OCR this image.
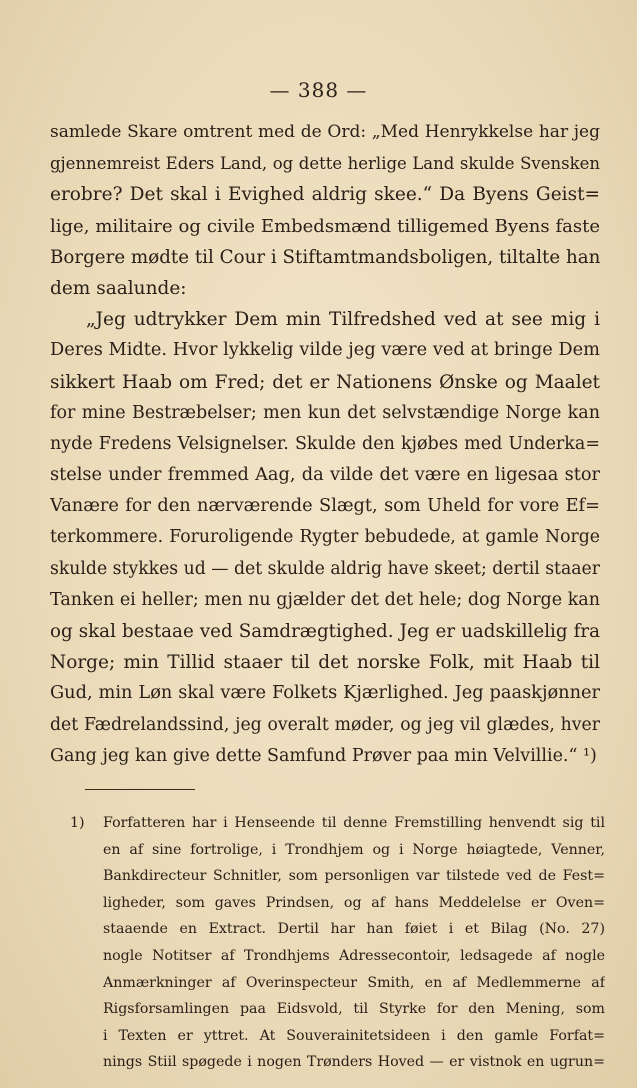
— 388 —
samlede Skare omtrent med de Ord: „Med Henrykkelse har jeg
gjennemreist Eders Land, og dette herlige Land skulde Svensken
erobre? Det skal i Evighed aldrig skee.“ Da Byens Geist=
lige, militaire og civile Embedsmænd tilligemed Byens faste
Borgere mødte til Cour i Stiftamtmandsboligen, tiltalte han
dem saalunde:
„Jeg udtrykker Dem min Tilfredshed ved at see mig i
Deres Midte. Hvor lykkelig vilde jeg være ved at bringe Dem
sikkert Haab om Fred; det er Nationens Ønske og Maalet
for mine Bestræbelser; men kun det selvstændige Norge kan
nyde Fredens Velsignelser. Skulde den kjøbes med Underka=
stelse under fremmed Aag, da vilde det være en ligesaa stor
Vanære for den nærværende Slægt, som Uheld for vore Ef=
terkommere. Foruroligende Rygter bebudede, at gamle Norge
skulde stykkes ud — det skulde aldrig have skeet; dertil staaer
Tanken ei heller; men nu gjælder det det hele; dog Norge kan
og skal bestaae ved Samdrægtighed. Jeg er uadskillelig fra
Norge; min Tillid staaer til det norske Folk, mit Haab til
Gud, min Løn skal være Folkets Kjærlighed. Jeg paaskjønner
det Fædrelandssind, jeg overalt møder, og jeg vil glædes, hver
Gang jeg kan give dette Samfund Prøver paa min Velvillie.“ ¹)
1) Forfatteren har i Henseende til denne Fremstilling henvendt sig til
en af sine fortrolige, i Trondhjem og i Norge høiagtede, Venner,
Bankdirecteur Schnitler, som personligen var tilstede ved de Fest=
ligheder, som gaves Prindsen, og af hans Meddelelse er Oven=
staaende en Extract. Dertil har han føiet i et Bilag (No. 27)
nogle Notitser af Trondhjems Adressecontoir, ledsagede af nogle
Anmærkninger af Overinspecteur Smith, en af Medlemmerne af
Rigsforsamlingen paa Eidsvold, til Styrke for den Mening, som
i Texten er yttret. At Souverainitetsideen i den gamle Forfat=
nings Stiil spøgede i nogen Trønders Hoved — er vistnok en ugrun=
